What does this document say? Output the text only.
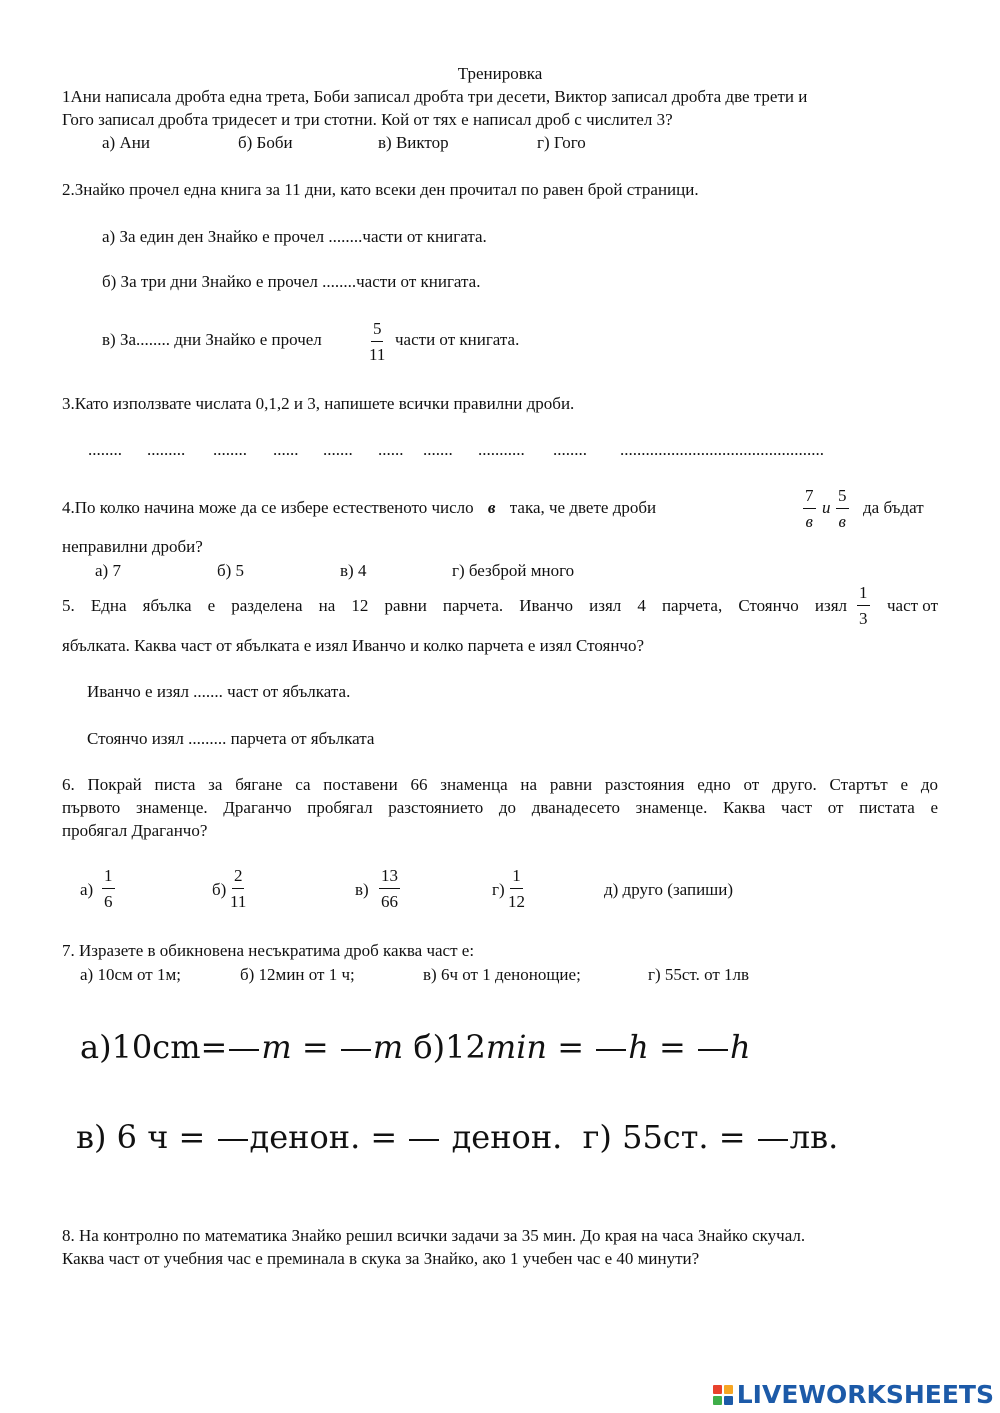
Тренировка
1Ани написала дробта една трета, Боби записал дробта три десети, Виктор записал дробта две трети и
Гого записал дробта тридесет и три стотни. Кой от тях е написал дроб с числител 3?
а) Ани	б) Боби	в) Виктор	г) Гого
2.Знайко прочел една книга за 11 дни, като всеки ден прочитал по равен брой страници.
а) За един ден Знайко е прочел ........части от книгата.
б) За три дни Знайко е прочел ........части от книгата.
в) За........ дни Знайко е прочел	$\frac{5}{11}$ части от книгата.
3.Като използвате числата 0,1,2 и 3, напишете всички правилни дроби.
........ ......... ........ ...... ....... ...... ....... ........... ........ ................................................
4.По колко начина може да се избере естественото число в така, че двете дроби
7
в
и
5
в
да бъдат
неправилни дроби?
а) 7	б) 5	в) 4	г) безброй много
5. Една ябълка е разделена на 12 равни парчета. Иванчо изял 4 парчета, Стоянчо изял $\frac{1}{3}$	част от
ябълката. Каква част от ябълката е изял Иванчо и колко парчета е изял Стоянчо?
Иванчо е изял ....... част от ябълката.
Стоянчо изял ......... парчета от ябълката
6. Покрай писта за бягане са поставени 66 знаменца на равни разстояния едно от друго. Стартът е до
първото знаменце. Драганчо пробягал разстоянието до дванадесето знаменце. Каква част от пистата е
пробягал Драганчо?
$а) \frac{1}{6}$	$б) \frac{2}{11}$	$в) \frac{13}{66}$	$г) \frac{1}{12}$	д) друго (запиши)
7. Изразете в обикновена несъкратима дроб каква част е:
а) 10см от 1м;	б) 12мин от 1 ч;	в) 6ч от 1 денонощие;	г) 55ст. от 1лв
а)10cm= m = m б)12min = h = h
в) 6 ч = денон. = денон. г) 55ст. = лв.
8. На контролно по математика Знайко решил всички задачи за 35 мин. До края на часа Знайко скучал.
Каква част от учебния час е преминала в скука за Знайко, ако 1 учебен час е 40 минути?
LIVEWORKSHEETS
